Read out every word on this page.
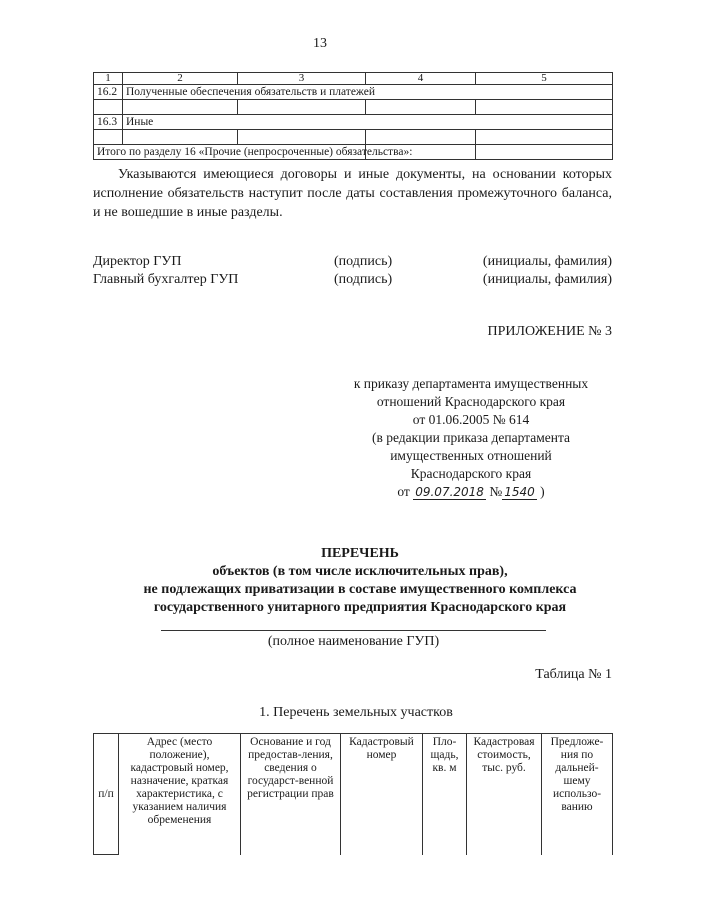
13
1	2	3	4	5
16.2	Полученные обеспечения обязательств и платежей			

16.3	Иные			

Итого по разделу 16 «Прочие (непросроченные) обязательства»:				
Указываются имеющиеся договоры и иные документы, на основании которых исполнение обязательств наступит после даты составления промежуточного баланса, и не вошедшие в иные разделы.
Директор ГУП	(подпись)	(инициалы, фамилия)
Главный бухгалтер ГУП	(подпись)	(инициалы, фамилия)
ПРИЛОЖЕНИЕ № 3
к приказу департамента имущественных
отношений Краснодарского края
от 01.06.2005 № 614
(в редакции приказа департамента
имущественных отношений
Краснодарского края
от 09.07.2018 № 1540 )
ПЕРЕЧЕНЬ
объектов (в том числе исключительных прав),
не подлежащих приватизации в составе имущественного комплекса
государственного унитарного предприятия Краснодарского края
(полное наименование ГУП)
Таблица № 1
1. Перечень земельных участков
п/п	Адрес (место положение), кадастровый номер, назначение, краткая характеристика, с указанием наличия обременения	Основание и год предостав-ления, сведения о государст-венной регистрации прав	Кадастровый номер	Пло-щадь, кв. м	Кадастровая стоимость, тыс. руб.	Предложе-ния по дальней-шему использо-ванию
